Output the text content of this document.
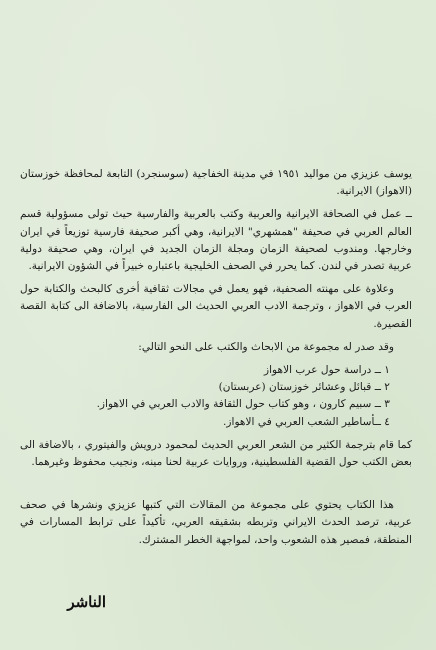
يوسف عزيزي من مواليد ١٩٥١ في مدينة الخفاجية (سوسنجرد) التابعة لمحافظة خوزستان (الاهواز) الايرانية.

ــ عمل في الصحافة الايرانية والعربية وكتب بالعربية والفارسية حيث تولى مسؤولية قسم العالم العربي في صحيفة "همشهري" الايرانية، وهي أكبر صحيفة فارسية توزيعاً في ايران وخارجها. ومندوب لصحيفة الزمان ومجلة الزمان الجديد في ايران، وهي صحيفة دولية عربية تصدر في لندن. كما يحرر في الصحف الخليجية باعتباره خبيراً في الشؤون الايرانية.

وعلاوة على مهنته الصحفية، فهو يعمل في مجالات ثقافية أخرى كالبحث والكتابة حول العرب في الاهواز ، وترجمة الادب العربي الحديث الى الفارسية، بالاضافة الى كتابة القصة القصيرة.

وقد صدر له مجموعة من الابحاث والكتب على النحو التالي:

١ ــ دراسة حول عرب الاهواز
٢ ــ قبائل وعشائر خوزستان (عربستان)
٣ ــ سبيم كارون ، وهو كتاب حول الثقافة والادب العربي في الاهواز.
٤ ــأساطير الشعب العربي في الاهواز.

كما قام بترجمة الكثير من الشعر العربي الحديث لمحمود درويش والفيتوري ، بالاضافة الى بعض الكتب حول القضية الفلسطينية، وروايات عربية لحنا مينه، ونجيب محفوظ وغيرهما.

هذا الكتاب يحتوي على مجموعة من المقالات التي كتبها عزيزي ونشرها في صحف عربية، ترصد الحدث الايراني وتربطه بشقيقه العربي، تأكيداً على ترابط المسارات في المنطقة، فمصير هذه الشعوب واحد، لمواجهة الخطر المشترك.

الناشر
